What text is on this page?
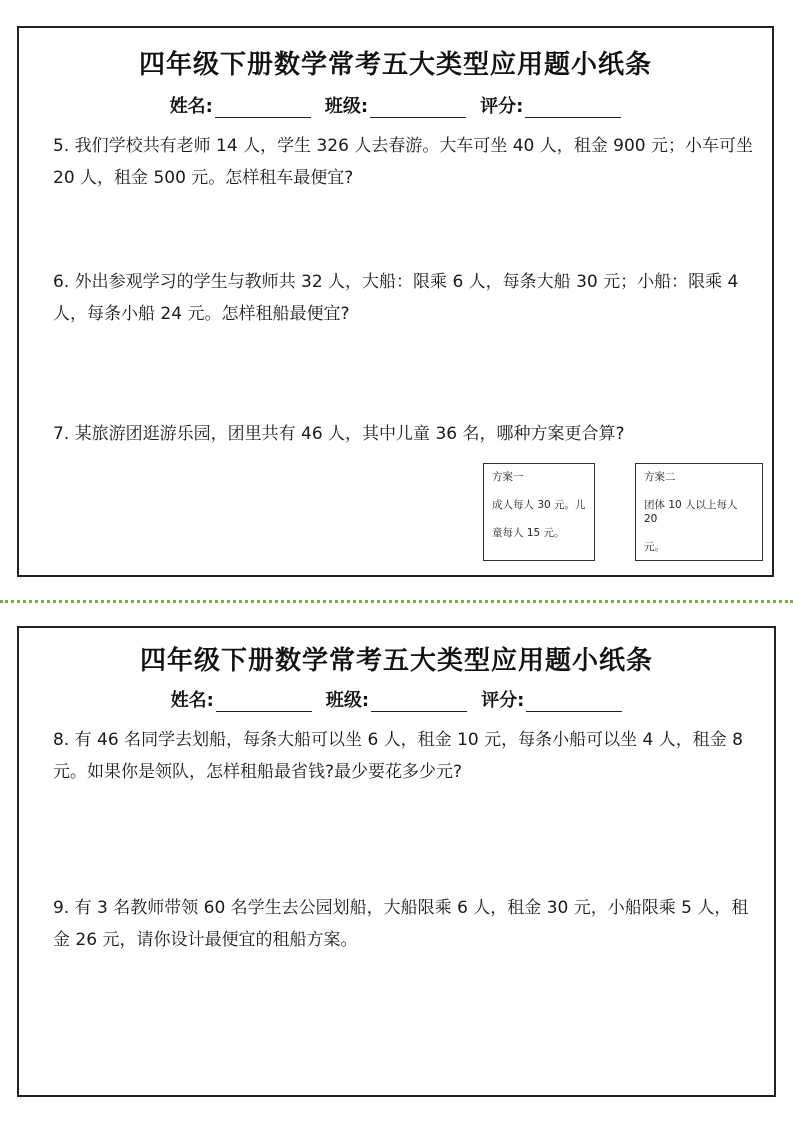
四年级下册数学常考五大类型应用题小纸条
姓名:	班级:	评分:
5. 我们学校共有老师 14 人，学生 326 人去春游。大车可坐 40 人，租金 900 元；小车可坐 20 人，租金 500 元。怎样租车最便宜?
6. 外出参观学习的学生与教师共 32 人，大船：限乘 6 人，每条大船 30 元；小船：限乘 4 人，每条小船 24 元。怎样租船最便宜?
7. 某旅游团逛游乐园，团里共有 46 人，其中儿童 36 名，哪种方案更合算?
方案一
成人每人 30 元。儿
童每人 15 元。
方案二
团体 10 人以上每人 20
元。
四年级下册数学常考五大类型应用题小纸条
姓名:	班级:	评分:
8. 有 46 名同学去划船，每条大船可以坐 6 人，租金 10 元，每条小船可以坐 4 人，租金 8 元。如果你是领队，怎样租船最省钱?最少要花多少元?
9. 有 3 名教师带领 60 名学生去公园划船，大船限乘 6 人，租金 30 元，小船限乘 5 人，租金 26 元，请你设计最便宜的租船方案。
